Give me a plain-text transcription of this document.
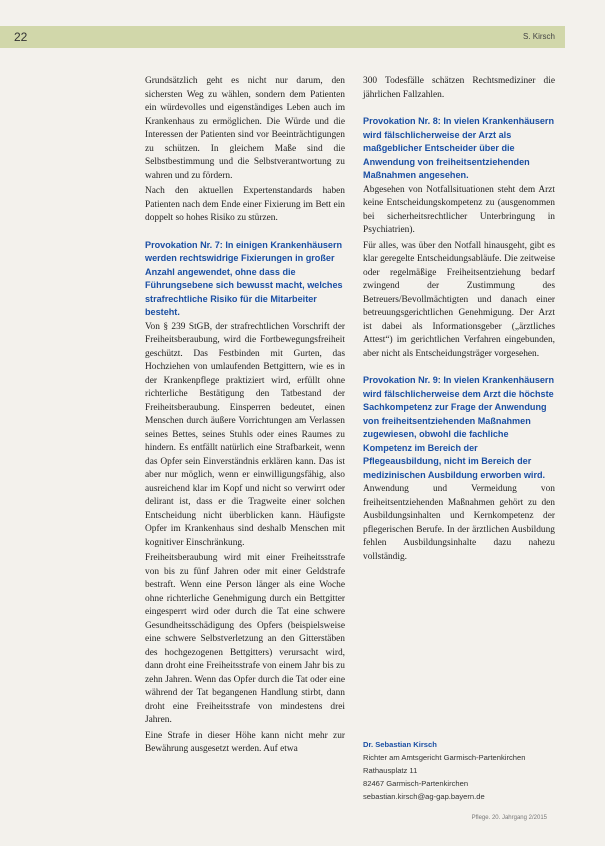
22	S. Kirsch

Grundsätzlich geht es nicht nur darum, den sichersten Weg zu wählen, sondern dem Patienten ein würdevolles und eigenständiges Leben auch im Krankenhaus zu ermöglichen. Die Würde und die Interessen der Patienten sind vor Beeinträchtigungen zu schützen. In gleichem Maße sind die Selbstbestimmung und die Selbstverantwortung zu wahren und zu fördern.

Nach den aktuellen Expertenstandards haben Patienten nach dem Ende einer Fixierung im Bett ein doppelt so hohes Risiko zu stürzen.

Provokation Nr. 7: In einigen Krankenhäusern werden rechtswidrige Fixierungen in großer Anzahl angewendet, ohne dass die Führungsebene sich bewusst macht, welches strafrechtliche Risiko für die Mitarbeiter besteht.

Von § 239 StGB, der strafrechtlichen Vorschrift der Freiheitsberaubung, wird die Fortbewegungsfreiheit geschützt. Das Festbinden mit Gurten, das Hochziehen von umlaufenden Bettgittern, wie es in der Krankenpflege praktiziert wird, erfüllt ohne richterliche Bestätigung den Tatbestand der Freiheitsberaubung. Einsperren bedeutet, einen Menschen durch äußere Vorrichtungen am Verlassen seines Bettes, seines Stuhls oder eines Raumes zu hindern. Es entfällt natürlich eine Strafbarkeit, wenn das Opfer sein Einverständnis erklären kann. Das ist aber nur möglich, wenn er einwilligungsfähig, also ausreichend klar im Kopf und nicht so verwirrt oder delirant ist, dass er die Tragweite einer solchen Entscheidung nicht überblicken kann. Häufigste Opfer im Krankenhaus sind deshalb Menschen mit kognitiver Einschränkung.

Freiheitsberaubung wird mit einer Freiheitsstrafe von bis zu fünf Jahren oder mit einer Geldstrafe bestraft. Wenn eine Person länger als eine Woche ohne richterliche Genehmigung durch ein Bettgitter eingesperrt wird oder durch die Tat eine schwere Gesundheitsschädigung des Opfers (beispielsweise eine schwere Selbstverletzung an den Gitterstäben des hochgezogenen Bettgitters) verursacht wird, dann droht eine Freiheitsstrafe von einem Jahr bis zu zehn Jahren. Wenn das Opfer durch die Tat oder eine während der Tat begangenen Handlung stirbt, dann droht eine Freiheitsstrafe von mindestens drei Jahren.

Eine Strafe in dieser Höhe kann nicht mehr zur Bewährung ausgesetzt werden. Auf etwa

300 Todesfälle schätzen Rechtsmediziner die jährlichen Fallzahlen.

Provokation Nr. 8: In vielen Krankenhäusern wird fälschlicherweise der Arzt als maßgeblicher Entscheider über die Anwendung von freiheitsentziehenden Maßnahmen angesehen.

Abgesehen von Notfallsituationen steht dem Arzt keine Entscheidungskompetenz zu (ausgenommen bei sicherheitsrechtlicher Unterbringung in Psychiatrien).

Für alles, was über den Notfall hinausgeht, gibt es klar geregelte Entscheidungsabläufe. Die zeitweise oder regelmäßige Freiheitsentziehung bedarf zwingend der Zustimmung des Betreuers/Bevollmächtigten und danach einer betreuungsgerichtlichen Genehmigung. Der Arzt ist dabei als Informationsgeber („ärztliches Attest“) im gerichtlichen Verfahren eingebunden, aber nicht als Entscheidungsträger vorgesehen.

Provokation Nr. 9: In vielen Krankenhäusern wird fälschlicherweise dem Arzt die höchste Sachkompetenz zur Frage der Anwendung von freiheitsentziehenden Maßnahmen zugewiesen, obwohl die fachliche Kompetenz im Bereich der Pflegeausbildung, nicht im Bereich der medizinischen Ausbildung erworben wird.

Anwendung und Vermeidung von freiheitsentziehenden Maßnahmen gehört zu den Ausbildungsinhalten und Kernkompetenz der pflegerischen Berufe. In der ärztlichen Ausbildung fehlen Ausbildungsinhalte dazu nahezu vollständig.

Dr. Sebastian Kirsch
Richter am Amtsgericht Garmisch-Partenkirchen
Rathausplatz 11
82467 Garmisch-Partenkirchen
sebastian.kirsch@ag-gap.bayern.de
Pflege. 20. Jahrgang 2/2015
